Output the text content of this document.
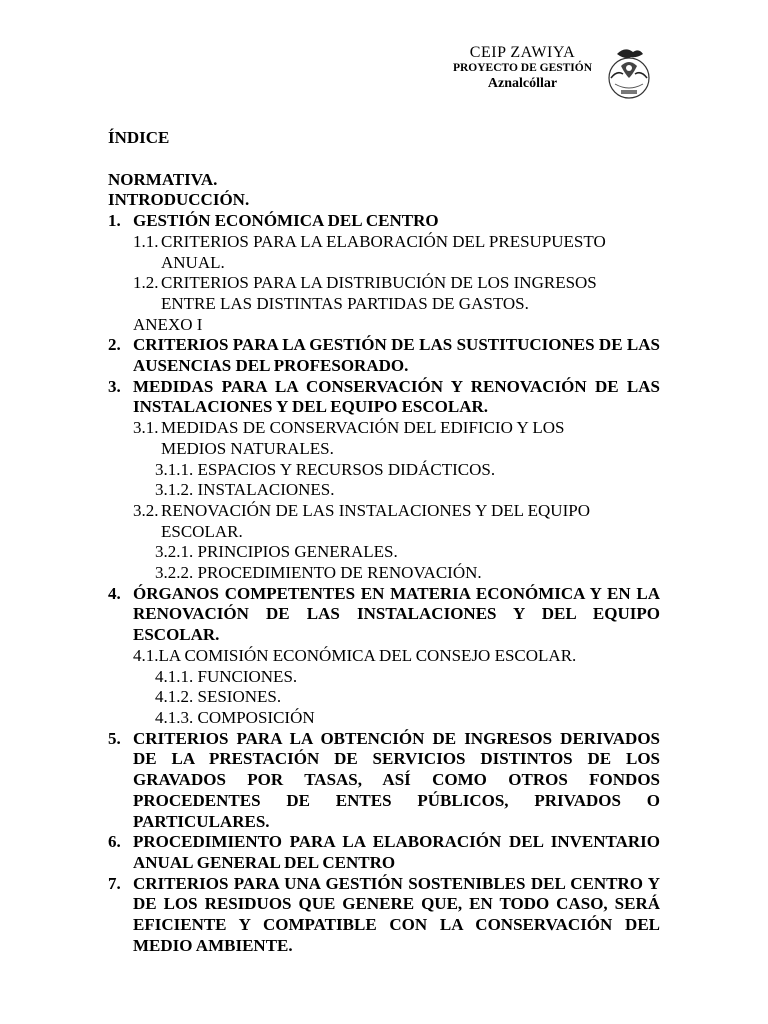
CEIP ZAWIYA
PROYECTO DE GESTIÓN
Aznalcóllar
ÍNDICE
NORMATIVA.
INTRODUCCIÓN.
1. GESTIÓN ECONÓMICA DEL CENTRO
1.1. CRITERIOS PARA LA ELABORACIÓN DEL PRESUPUESTO
ANUAL.
1.2. CRITERIOS PARA LA DISTRIBUCIÓN DE LOS INGRESOS
ENTRE LAS DISTINTAS PARTIDAS DE GASTOS.
ANEXO I
2. CRITERIOS PARA LA GESTIÓN DE LAS SUSTITUCIONES DE LAS AUSENCIAS DEL PROFESORADO.
3. MEDIDAS PARA LA CONSERVACIÓN Y RENOVACIÓN DE LAS INSTALACIONES Y DEL EQUIPO ESCOLAR.
3.1. MEDIDAS DE CONSERVACIÓN DEL EDIFICIO Y LOS
MEDIOS NATURALES.
3.1.1. ESPACIOS Y RECURSOS DIDÁCTICOS.
3.1.2. INSTALACIONES.
3.2. RENOVACIÓN DE LAS INSTALACIONES Y DEL EQUIPO
ESCOLAR.
3.2.1. PRINCIPIOS GENERALES.
3.2.2. PROCEDIMIENTO DE RENOVACIÓN.
4. ÓRGANOS COMPETENTES EN MATERIA ECONÓMICA Y EN LA RENOVACIÓN DE LAS INSTALACIONES Y DEL EQUIPO ESCOLAR.
4.1.LA COMISIÓN ECONÓMICA DEL CONSEJO ESCOLAR.
4.1.1. FUNCIONES.
4.1.2. SESIONES.
4.1.3. COMPOSICIÓN
5. CRITERIOS PARA LA OBTENCIÓN DE INGRESOS DERIVADOS DE LA PRESTACIÓN DE SERVICIOS DISTINTOS DE LOS GRAVADOS POR TASAS, ASÍ COMO OTROS FONDOS PROCEDENTES DE ENTES PÚBLICOS, PRIVADOS O PARTICULARES.
6. PROCEDIMIENTO PARA LA ELABORACIÓN DEL INVENTARIO ANUAL GENERAL DEL CENTRO
7. CRITERIOS PARA UNA GESTIÓN SOSTENIBLES DEL CENTRO Y DE LOS RESIDUOS QUE GENERE QUE, EN TODO CASO, SERÁ EFICIENTE Y COMPATIBLE CON LA CONSERVACIÓN DEL MEDIO AMBIENTE.
